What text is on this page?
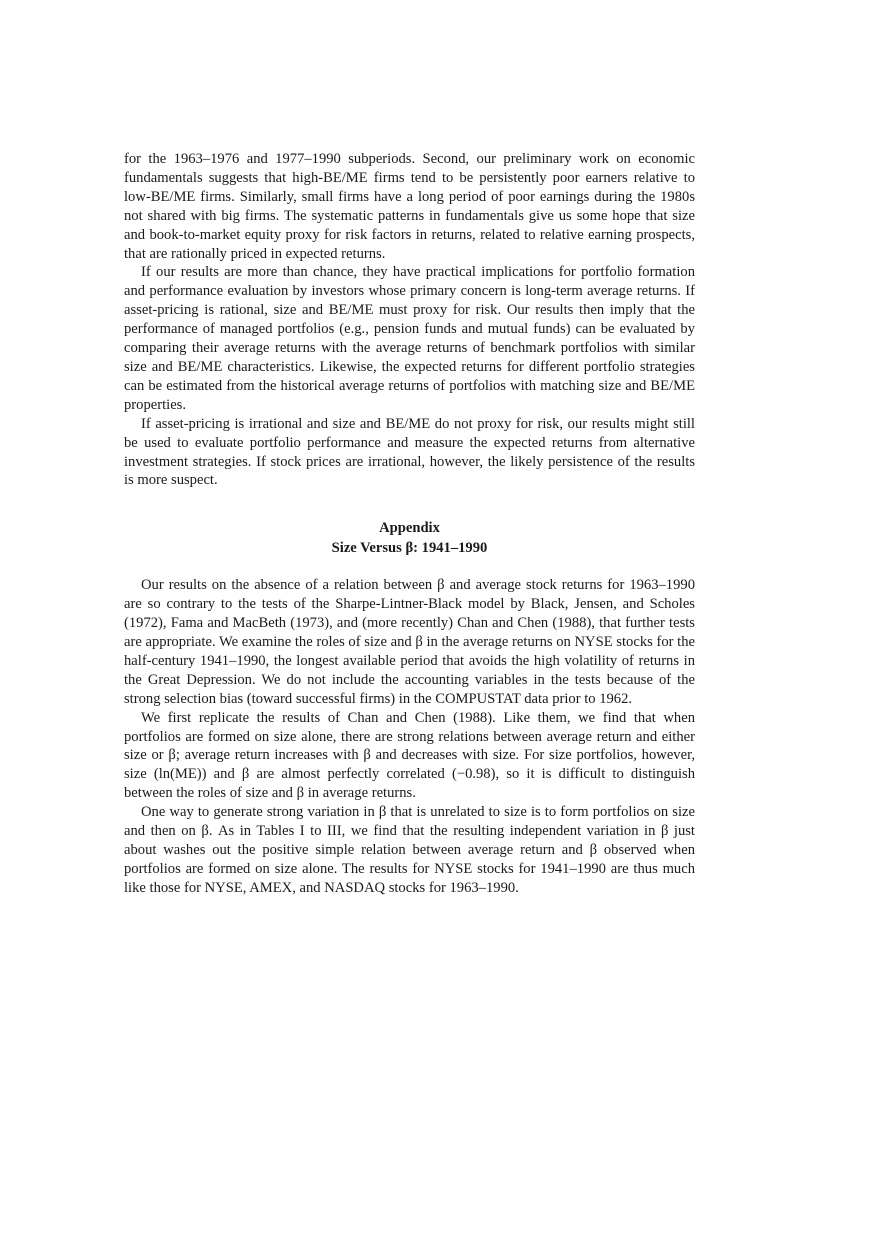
for the 1963–1976 and 1977–1990 subperiods. Second, our preliminary work on economic fundamentals suggests that high-BE/ME firms tend to be persistently poor earners relative to low-BE/ME firms. Similarly, small firms have a long period of poor earnings during the 1980s not shared with big firms. The systematic patterns in fundamentals give us some hope that size and book-to-market equity proxy for risk factors in returns, related to relative earning prospects, that are rationally priced in expected returns.

If our results are more than chance, they have practical implications for portfolio formation and performance evaluation by investors whose primary concern is long-term average returns. If asset-pricing is rational, size and BE/ME must proxy for risk. Our results then imply that the performance of managed portfolios (e.g., pension funds and mutual funds) can be evaluated by comparing their average returns with the average returns of benchmark portfolios with similar size and BE/ME characteristics. Likewise, the expected returns for different portfolio strategies can be estimated from the historical average returns of portfolios with matching size and BE/ME properties.

If asset-pricing is irrational and size and BE/ME do not proxy for risk, our results might still be used to evaluate portfolio performance and measure the expected returns from alternative investment strategies. If stock prices are irrational, however, the likely persistence of the results is more suspect.

Appendix
Size Versus β: 1941–1990

Our results on the absence of a relation between β and average stock returns for 1963–1990 are so contrary to the tests of the Sharpe-Lintner-Black model by Black, Jensen, and Scholes (1972), Fama and MacBeth (1973), and (more recently) Chan and Chen (1988), that further tests are appropriate. We examine the roles of size and β in the average returns on NYSE stocks for the half-century 1941–1990, the longest available period that avoids the high volatility of returns in the Great Depression. We do not include the accounting variables in the tests because of the strong selection bias (toward successful firms) in the COMPUSTAT data prior to 1962.

We first replicate the results of Chan and Chen (1988). Like them, we find that when portfolios are formed on size alone, there are strong relations between average return and either size or β; average return increases with β and decreases with size. For size portfolios, however, size (ln(ME)) and β are almost perfectly correlated (−0.98), so it is difficult to distinguish between the roles of size and β in average returns.

One way to generate strong variation in β that is unrelated to size is to form portfolios on size and then on β. As in Tables I to III, we find that the resulting independent variation in β just about washes out the positive simple relation between average return and β observed when portfolios are formed on size alone. The results for NYSE stocks for 1941–1990 are thus much like those for NYSE, AMEX, and NASDAQ stocks for 1963–1990.
